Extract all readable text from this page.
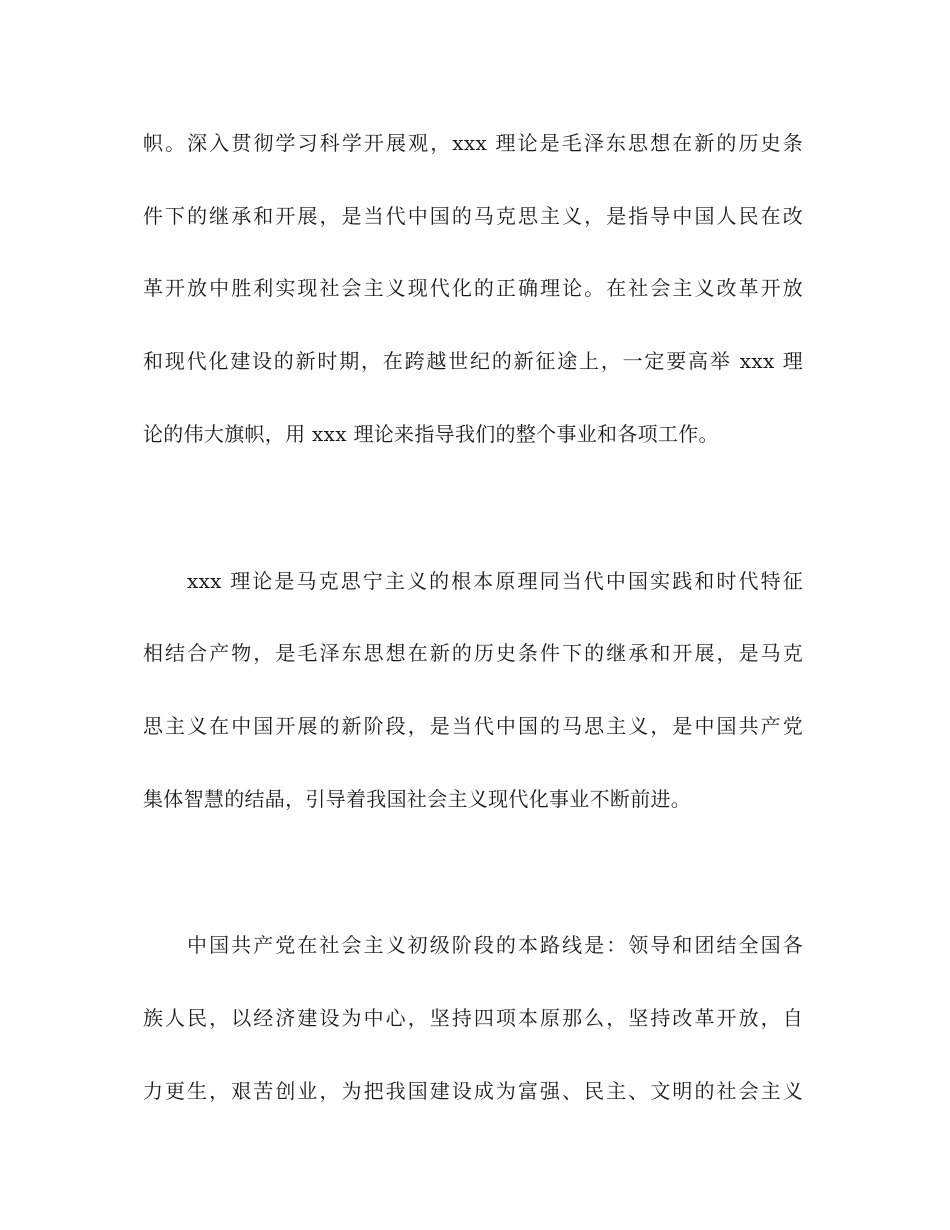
帜。深入贯彻学习科学开展观，xxx 理论是毛泽东思想在新的历史条
件下的继承和开展，是当代中国的马克思主义，是指导中国人民在改
革开放中胜利实现社会主义现代化的正确理论。在社会主义改革开放
和现代化建设的新时期，在跨越世纪的新征途上，一定要高举 xxx 理
论的伟大旗帜，用 xxx 理论来指导我们的整个事业和各项工作。
xxx 理论是马克思宁主义的根本原理同当代中国实践和时代特征
相结合产物，是毛泽东思想在新的历史条件下的继承和开展，是马克
思主义在中国开展的新阶段，是当代中国的马思主义，是中国共产党
集体智慧的结晶，引导着我国社会主义现代化事业不断前进。
中国共产党在社会主义初级阶段的本路线是：领导和团结全国各
族人民，以经济建设为中心，坚持四项本原那么，坚持改革开放，自
力更生，艰苦创业，为把我国建设成为富强、民主、文明的社会主义
